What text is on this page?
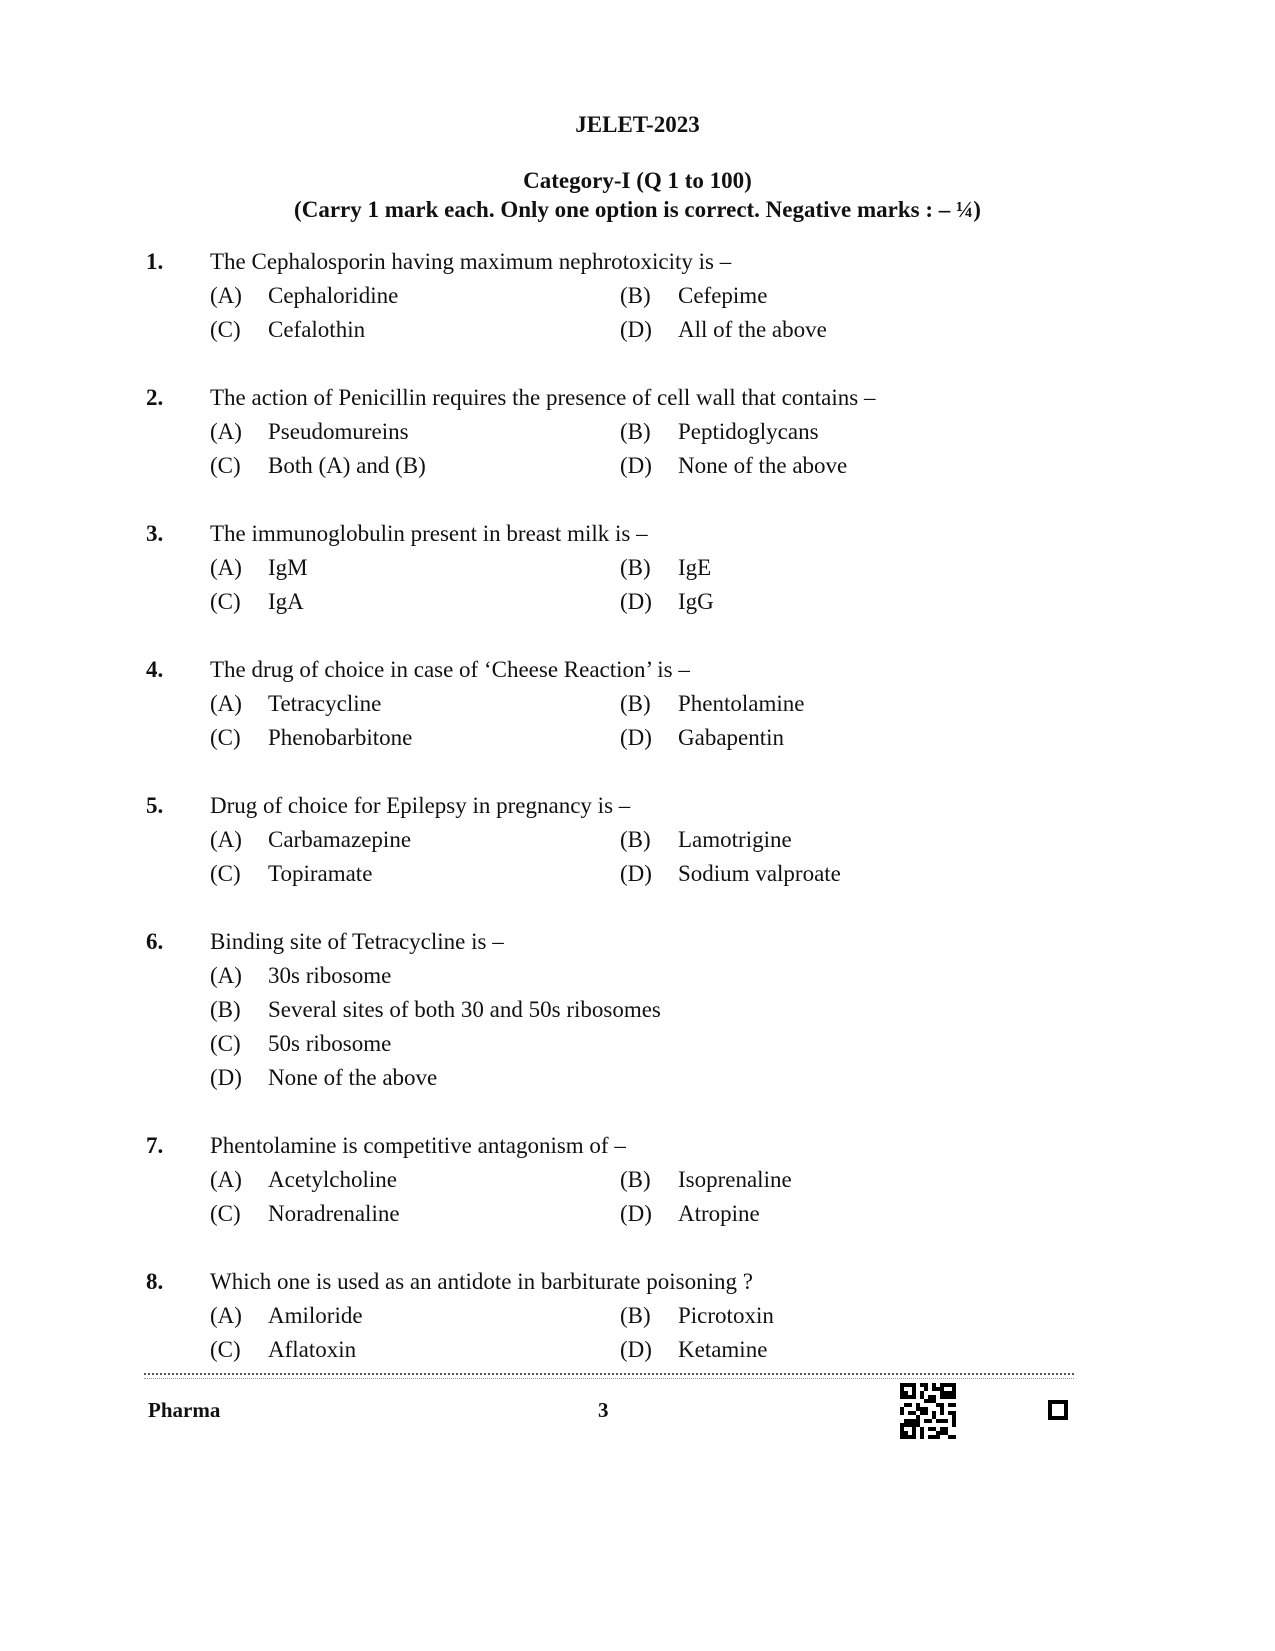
JELET-2023
Category-I (Q 1 to 100)
(Carry 1 mark each. Only one option is correct. Negative marks : – ¼)
1. The Cephalosporin having maximum nephrotoxicity is –
(A) Cephaloridine	(B) Cefepime
(C) Cefalothin	(D) All of the above
2. The action of Penicillin requires the presence of cell wall that contains –
(A) Pseudomureins	(B) Peptidoglycans
(C) Both (A) and (B)	(D) None of the above
3. The immunoglobulin present in breast milk is –
(A) IgM	(B) IgE
(C) IgA	(D) IgG
4. The drug of choice in case of ‘Cheese Reaction’ is –
(A) Tetracycline	(B) Phentolamine
(C) Phenobarbitone	(D) Gabapentin
5. Drug of choice for Epilepsy in pregnancy is –
(A) Carbamazepine	(B) Lamotrigine
(C) Topiramate	(D) Sodium valproate
6. Binding site of Tetracycline is –
(A) 30s ribosome
(B) Several sites of both 30 and 50s ribosomes
(C) 50s ribosome
(D) None of the above
7. Phentolamine is competitive antagonism of –
(A) Acetylcholine	(B) Isoprenaline
(C) Noradrenaline	(D) Atropine
8. Which one is used as an antidote in barbiturate poisoning ?
(A) Amiloride	(B) Picrotoxin
(C) Aflatoxin	(D) Ketamine
Pharma	3
